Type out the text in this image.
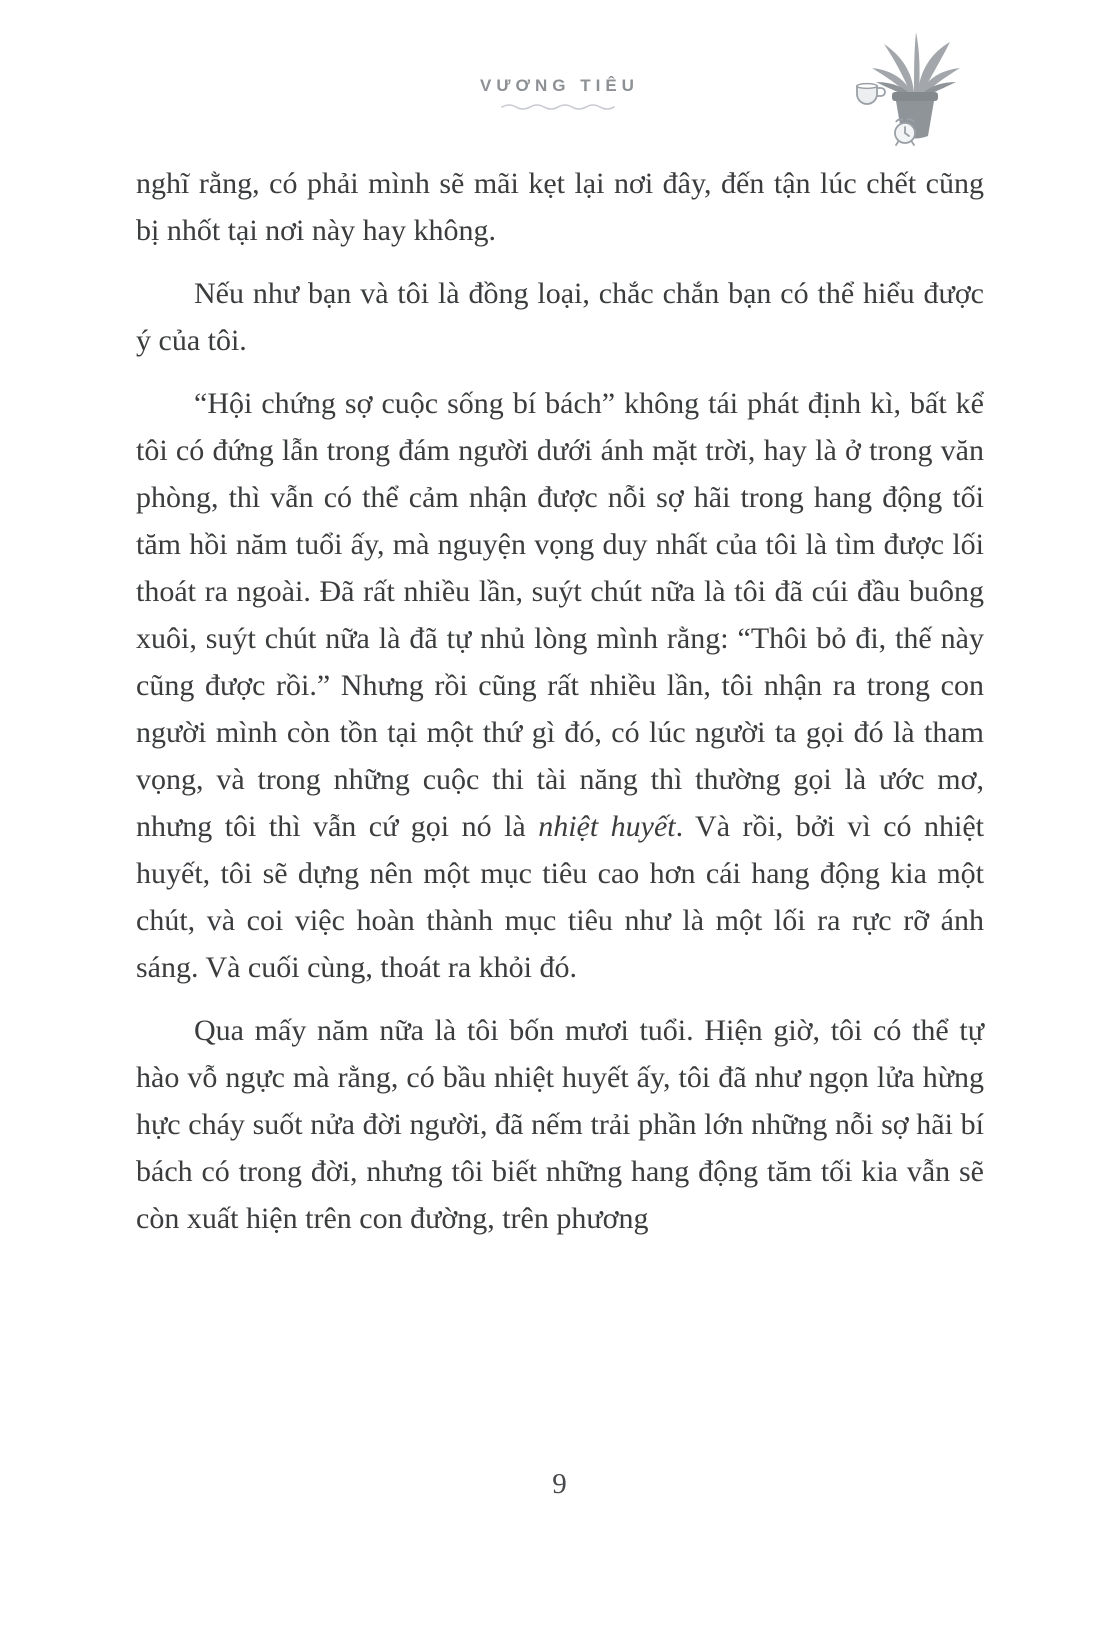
VƯƠNG TIÊU

nghĩ rằng, có phải mình sẽ mãi kẹt lại nơi đây, đến tận lúc chết cũng bị nhốt tại nơi này hay không.

Nếu như bạn và tôi là đồng loại, chắc chắn bạn có thể hiểu được ý của tôi.

“Hội chứng sợ cuộc sống bí bách” không tái phát định kì, bất kể tôi có đứng lẫn trong đám người dưới ánh mặt trời, hay là ở trong văn phòng, thì vẫn có thể cảm nhận được nỗi sợ hãi trong hang động tối tăm hồi năm tuổi ấy, mà nguyện vọng duy nhất của tôi là tìm được lối thoát ra ngoài. Đã rất nhiều lần, suýt chút nữa là tôi đã cúi đầu buông xuôi, suýt chút nữa là đã tự nhủ lòng mình rằng: “Thôi bỏ đi, thế này cũng được rồi.” Nhưng rồi cũng rất nhiều lần, tôi nhận ra trong con người mình còn tồn tại một thứ gì đó, có lúc người ta gọi đó là tham vọng, và trong những cuộc thi tài năng thì thường gọi là ước mơ, nhưng tôi thì vẫn cứ gọi nó là nhiệt huyết. Và rồi, bởi vì có nhiệt huyết, tôi sẽ dựng nên một mục tiêu cao hơn cái hang động kia một chút, và coi việc hoàn thành mục tiêu như là một lối ra rực rỡ ánh sáng. Và cuối cùng, thoát ra khỏi đó.

Qua mấy năm nữa là tôi bốn mươi tuổi. Hiện giờ, tôi có thể tự hào vỗ ngực mà rằng, có bầu nhiệt huyết ấy, tôi đã như ngọn lửa hừng hực cháy suốt nửa đời người, đã nếm trải phần lớn những nỗi sợ hãi bí bách có trong đời, nhưng tôi biết những hang động tăm tối kia vẫn sẽ còn xuất hiện trên con đường, trên phương

9
